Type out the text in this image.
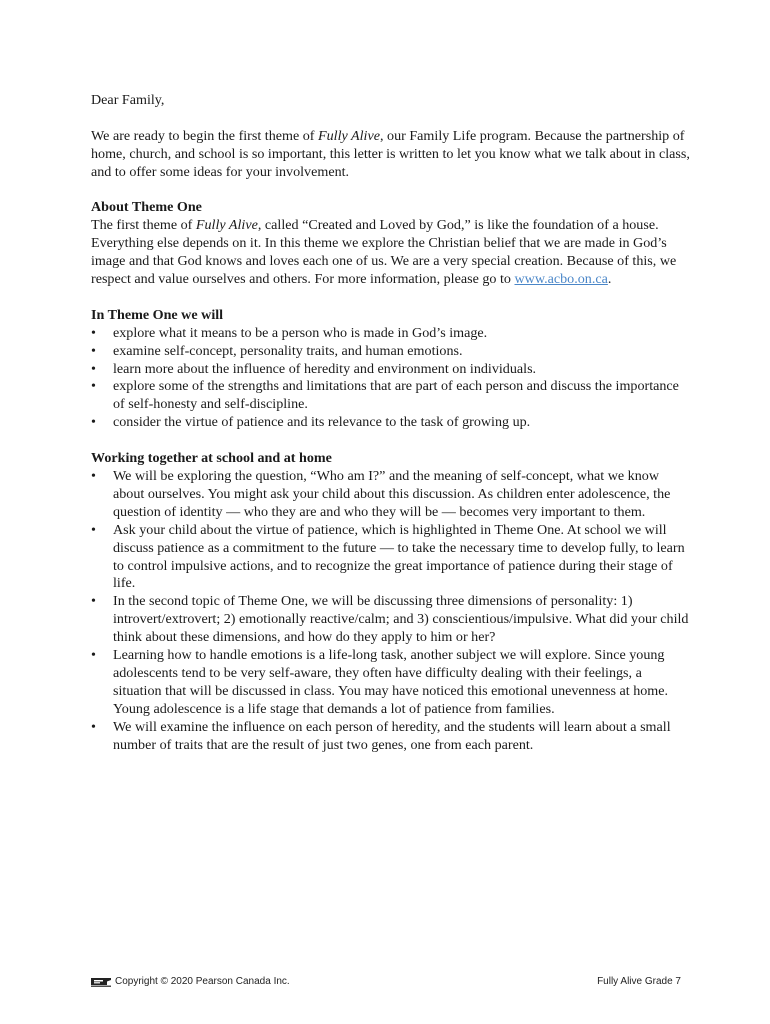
Dear Family,

We are ready to begin the first theme of Fully Alive, our Family Life program. Because the partnership of home, church, and school is so important, this letter is written to let you know what we talk about in class, and to offer some ideas for your involvement.

About Theme One

The first theme of Fully Alive, called “Created and Loved by God,” is like the foundation of a house. Everything else depends on it. In this theme we explore the Christian belief that we are made in God’s image and that God knows and loves each one of us. We are a very special creation. Because of this, we respect and value ourselves and others. For more information, please go to www.acbo.on.ca.

In Theme One we will
• explore what it means to be a person who is made in God’s image.
• examine self-concept, personality traits, and human emotions.
• learn more about the influence of heredity and environment on individuals.
• explore some of the strengths and limitations that are part of each person and discuss the importance of self-honesty and self-discipline.
• consider the virtue of patience and its relevance to the task of growing up.
Working together at school and at home
• We will be exploring the question, “Who am I?” and the meaning of self-concept, what we know about ourselves. You might ask your child about this discussion. As children enter adolescence, the question of identity — who they are and who they will be — becomes very important to them.
• Ask your child about the virtue of patience, which is highlighted in Theme One. At school we will discuss patience as a commitment to the future — to take the necessary time to develop fully, to learn to control impulsive actions, and to recognize the great importance of patience during their stage of life.
• In the second topic of Theme One, we will be discussing three dimensions of personality: 1) introvert/extrovert; 2) emotionally reactive/calm; and 3) conscientious/impulsive. What did your child think about these dimensions, and how do they apply to him or her?
• Learning how to handle emotions is a life-long task, another subject we will explore. Since young adolescents tend to be very self-aware, they often have difficulty dealing with their feelings, a situation that will be discussed in class. You may have noticed this emotional unevenness at home. Young adolescence is a life stage that demands a lot of patience from families.
• We will examine the influence on each person of heredity, and the students will learn about a small number of traits that are the result of just two genes, one from each parent.
Copyright © 2020 Pearson Canada Inc.	Fully Alive Grade 7
